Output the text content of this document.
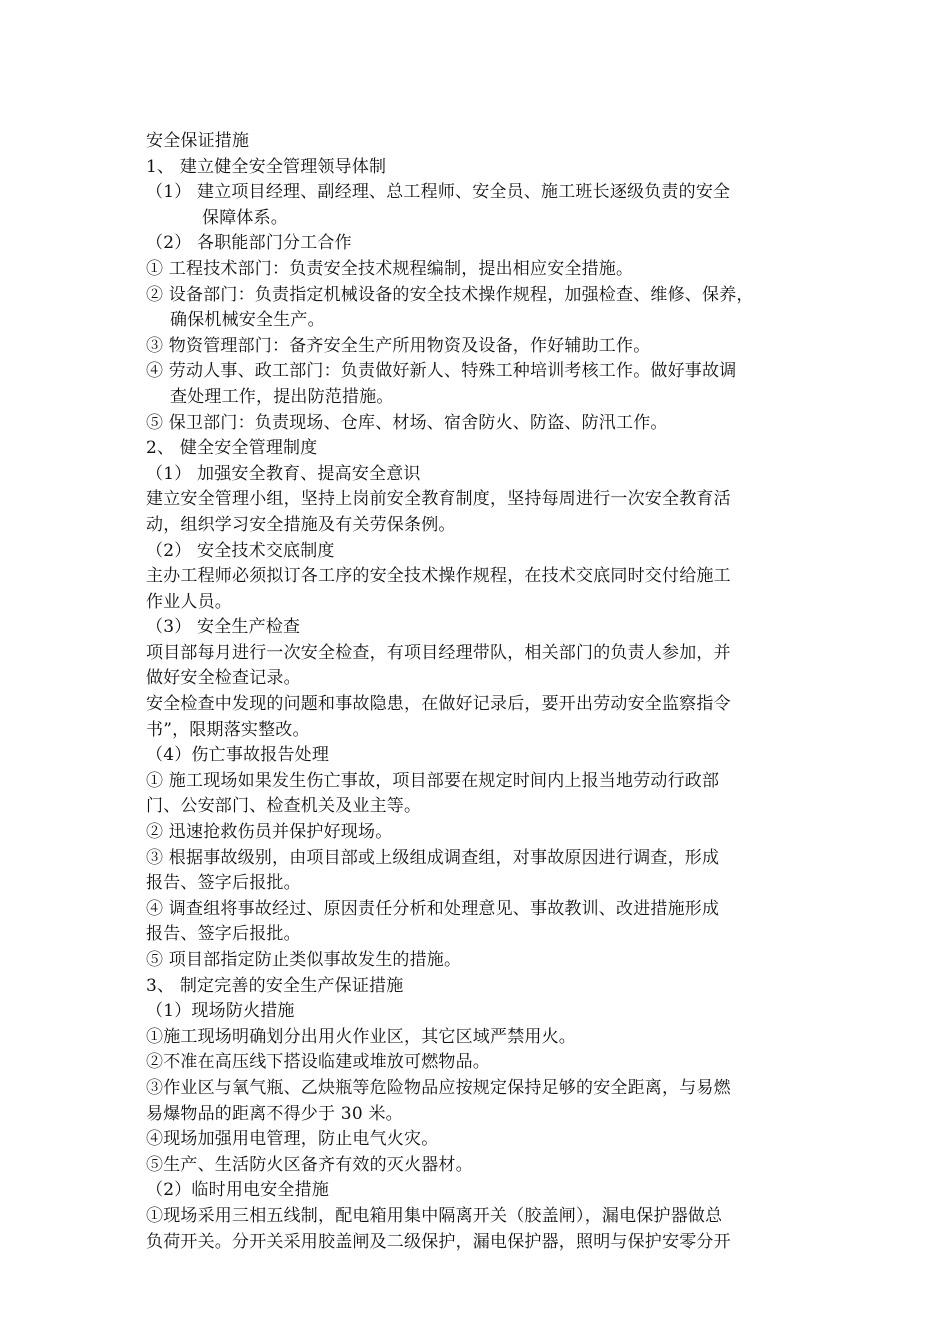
安全保证措施
1、 建立健全安全管理领导体制
（1） 建立项目经理、副经理、总工程师、安全员、施工班长逐级负责的安全
保障体系。
（2） 各职能部门分工合作
① 工程技术部门：负责安全技术规程编制，提出相应安全措施。
② 设备部门：负责指定机械设备的安全技术操作规程，加强检查、维修、保养，
确保机械安全生产。
③ 物资管理部门：备齐安全生产所用物资及设备，作好辅助工作。
④ 劳动人事、政工部门：负责做好新人、特殊工种培训考核工作。做好事故调
查处理工作，提出防范措施。
⑤ 保卫部门：负责现场、仓库、材场、宿舍防火、防盗、防汛工作。
2、 健全安全管理制度
（1） 加强安全教育、提高安全意识
建立安全管理小组，坚持上岗前安全教育制度，坚持每周进行一次安全教育活
动，组织学习安全措施及有关劳保条例。
（2） 安全技术交底制度
主办工程师必须拟订各工序的安全技术操作规程，在技术交底同时交付给施工
作业人员。
（3） 安全生产检查
项目部每月进行一次安全检查，有项目经理带队，相关部门的负责人参加，并
做好安全检查记录。
安全检查中发现的问题和事故隐患，在做好记录后，要开出劳动安全监察指令
书”，限期落实整改。
（4）伤亡事故报告处理
① 施工现场如果发生伤亡事故，项目部要在规定时间内上报当地劳动行政部
门、公安部门、检查机关及业主等。
② 迅速抢救伤员并保护好现场。
③ 根据事故级别，由项目部或上级组成调查组，对事故原因进行调查，形成
报告、签字后报批。
④ 调查组将事故经过、原因责任分析和处理意见、事故教训、改进措施形成
报告、签字后报批。
⑤ 项目部指定防止类似事故发生的措施。
3、 制定完善的安全生产保证措施
（1）现场防火措施
①施工现场明确划分出用火作业区，其它区域严禁用火。
②不准在高压线下搭设临建或堆放可燃物品。
③作业区与氧气瓶、乙炔瓶等危险物品应按规定保持足够的安全距离，与易燃
易爆物品的距离不得少于 30 米。
④现场加强用电管理，防止电气火灾。
⑤生产、生活防火区备齐有效的灭火器材。
（2）临时用电安全措施
①现场采用三相五线制，配电箱用集中隔离开关（胶盖闸），漏电保护器做总
负荷开关。分开关采用胶盖闸及二级保护，漏电保护器，照明与保护安零分开
